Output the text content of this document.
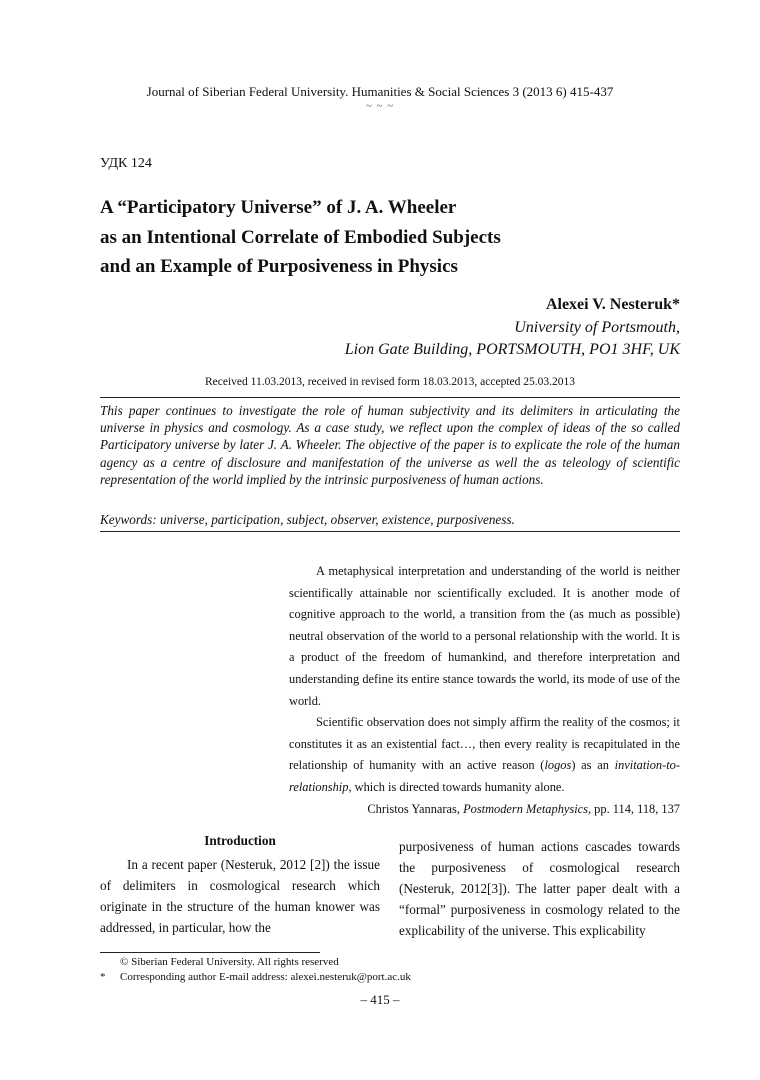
Journal of Siberian Federal University. Humanities & Social Sciences 3 (2013 6) 415-437
~ ~ ~
УДК 124
A “Participatory Universe” of J. A. Wheeler
as an Intentional Correlate of Embodied Subjects
and an Example of Purposiveness in Physics
Alexei V. Nesteruk*
University of Portsmouth,
Lion Gate Building, PORTSMOUTH, PO1 3HF, UK
Received 11.03.2013, received in revised form 18.03.2013, accepted 25.03.2013
This paper continues to investigate the role of human subjectivity and its delimiters in articulating the universe in physics and cosmology. As a case study, we reflect upon the complex of ideas of the so called Participatory universe by later J. A. Wheeler. The objective of the paper is to explicate the role of the human agency as a centre of disclosure and manifestation of the universe as well the as teleology of scientific representation of the world implied by the intrinsic purposiveness of human actions.
Keywords: universe, participation, subject, observer, existence, purposiveness.

A metaphysical interpretation and understanding of the world is neither scientifically attainable nor scientifically excluded. It is another mode of cognitive approach to the world, a transition from the (as much as possible) neutral observation of the world to a personal relationship with the world. It is a product of the freedom of humankind, and therefore interpretation and understanding define its entire stance towards the world, its mode of use of the world.

Scientific observation does not simply affirm the reality of the cosmos; it constitutes it as an existential fact…, then every reality is recapitulated in the relationship of humanity with an active reason (logos) as an invitation-to-relationship, which is directed towards humanity alone.

Christos Yannaras, Postmodern Metaphysics, pp. 114, 118, 137
Introduction

In a recent paper (Nesteruk, 2012 [2]) the issue of delimiters in cosmological research which originate in the structure of the human knower was addressed, in particular, how the

purposiveness of human actions cascades towards the purposiveness of cosmological research (Nesteruk, 2012[3]). The latter paper dealt with a “formal” purposiveness in cosmology related to the explicability of the universe. This explicability

© Siberian Federal University. All rights reserved
* Corresponding author E-mail address: alexei.nesteruk@port.ac.uk
– 415 –
